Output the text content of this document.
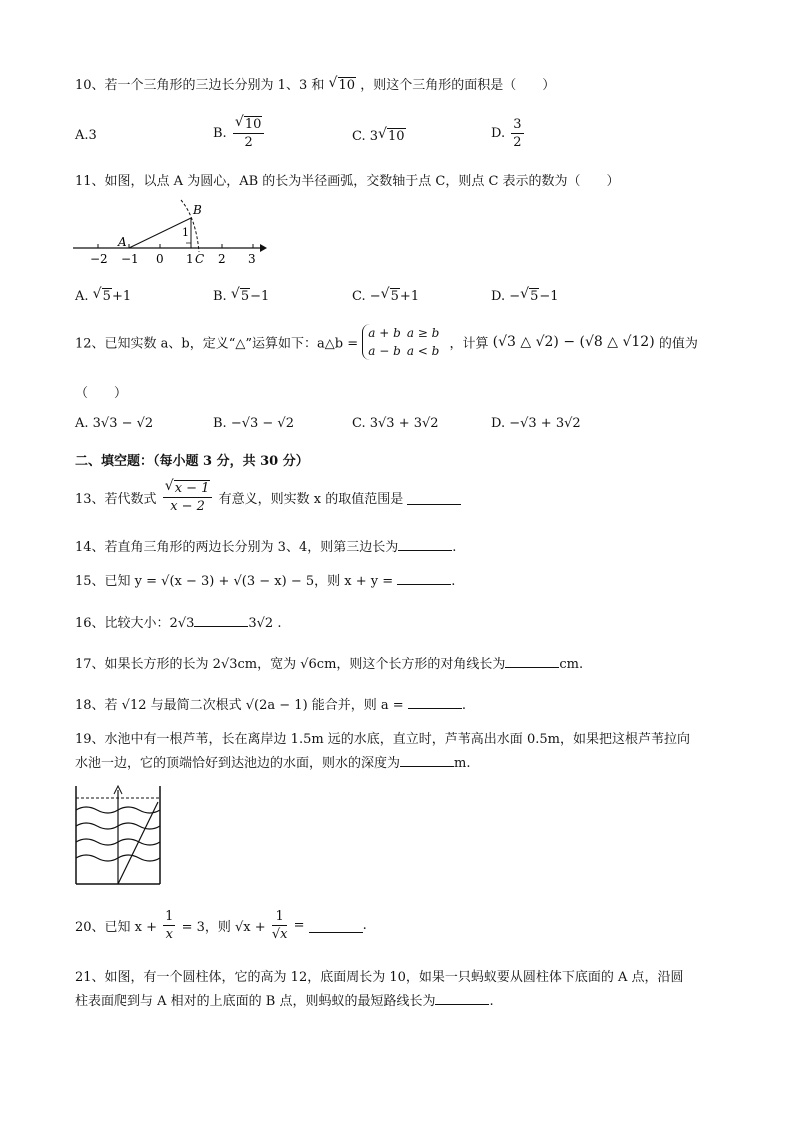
10、若一个三角形的三边长分别为 1、3 和 √ 10 ，则这个三角形的面积是（　　）
A.3	B. √ $\frac{10}{2}$	C. 3 √ 10	D. $\frac{3}{2}$
11、如图，以点 A 为圆心，AB 的长为半径画弧，交数轴于点 C，则点 C 表示的数为（　　）
B
A
1
C
−2 −1 0 1 2 3
A. √ 5+1	B. √ 5−1	C. − √ 5+1	D. − √ 5−1
12、已知实数 a、b，定义“△”运算如下：a△b =
a + b	a ≥ b
a − b	a < b ，计算 (√3 △ √2) − (√8 △ √12) 的值为
（　　）
A. 3√3 − √2	B. −√3 − √2	C. 3√3 + 3√2	D. −√3 + 3√2
二、填空题：（每小题 3 分，共 30 分）
13、若代数式 √ $\frac{x - 1}{x - 2}$ 有意义，则实数 x 的取值范围是
14、若直角三角形的两边长分别为 3、4，则第三边长为	.
15、已知 y = √(x − 3) + √(3 − x) − 5，则 x + y =	.
16、比较大小：2√3	3√2 .
17、如果长方形的长为 2√3cm，宽为 √6cm，则这个长方形的对角线长为	cm.
18、若 √12 与最简二次根式 √(2a − 1) 能合并，则 a =	.
19、水池中有一根芦苇，长在离岸边 1.5m 远的水底，直立时，芦苇高出水面 0.5m，如果把这根芦苇拉向
水池一边，它的顶端恰好到达池边的水面，则水的深度为	m.
20、已知 $x + \frac{1}{x} = 3$，则 $√x + \frac{1}{√x}$ =	.
21、如图，有一个圆柱体，它的高为 12，底面周长为 10，如果一只蚂蚁要从圆柱体下底面的 A 点，沿圆
柱表面爬到与 A 相对的上底面的 B 点，则蚂蚁的最短路线长为	.
